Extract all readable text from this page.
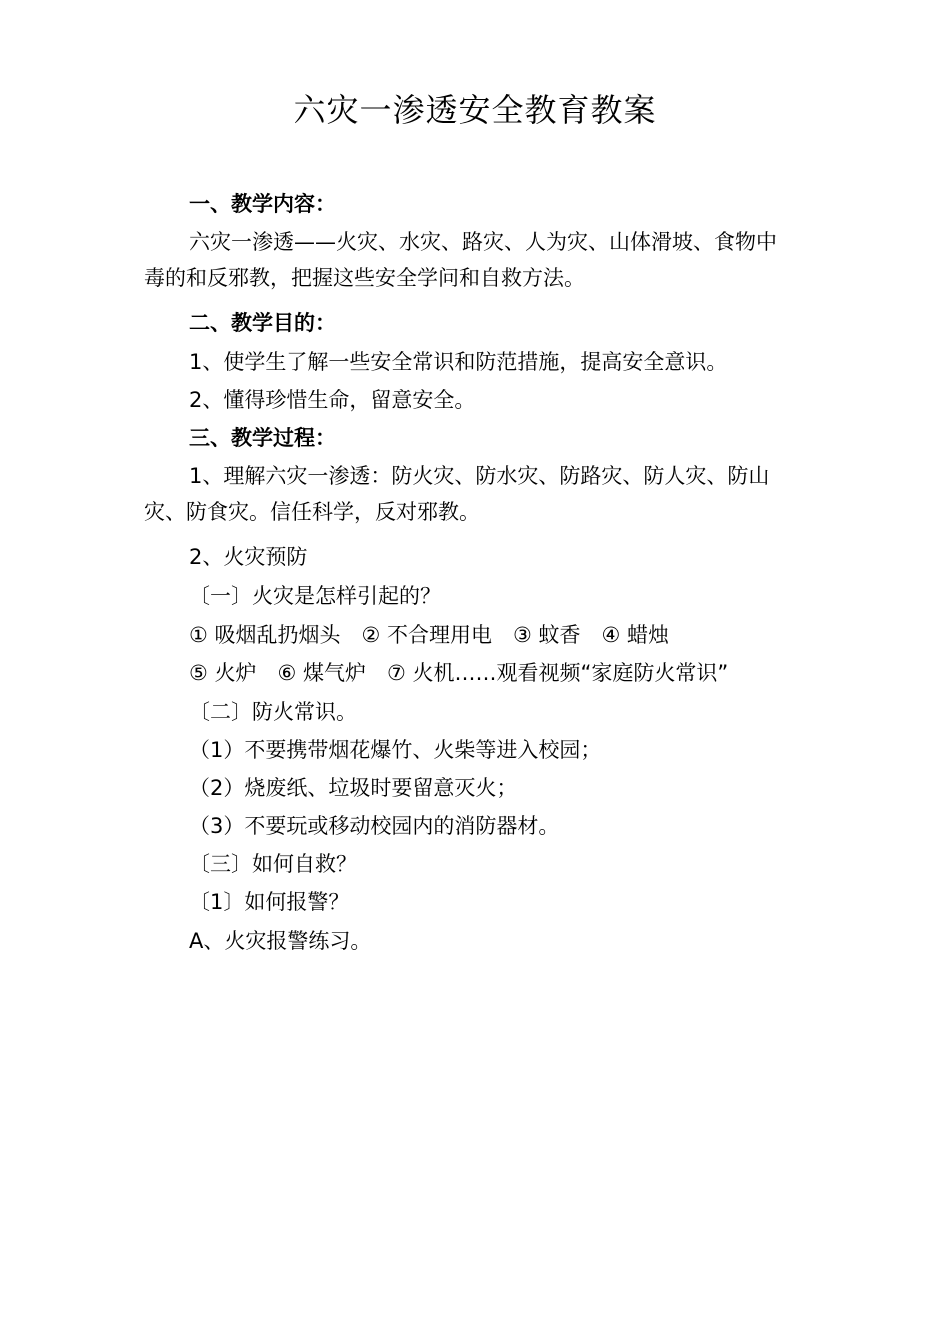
六灾一渗透安全教育教案

一、教学内容：

六灾一渗透——火灾、水灾、路灾、人为灾、山体滑坡、食物中

毒的和反邪教，把握这些安全学问和自救方法。

二、教学目的：

1、使学生了解一些安全常识和防范措施，提高安全意识。

2、懂得珍惜生命，留意安全。

三、教学过程：

1、理解六灾一渗透：防火灾、防水灾、防路灾、防人灾、防山

灾、防食灾。信任科学，反对邪教。

2、火灾预防

〔一〕火灾是怎样引起的？

① 吸烟乱扔烟头　② 不合理用电　③ 蚊香　④ 蜡烛

⑤ 火炉　⑥ 煤气炉　⑦ 火机……观看视频“家庭防火常识”

〔二〕防火常识。

（1）不要携带烟花爆竹、火柴等进入校园；

（2）烧废纸、垃圾时要留意灭火；

（3）不要玩或移动校园内的消防器材。

〔三〕如何自救？

〔1〕如何报警？

A、火灾报警练习。
